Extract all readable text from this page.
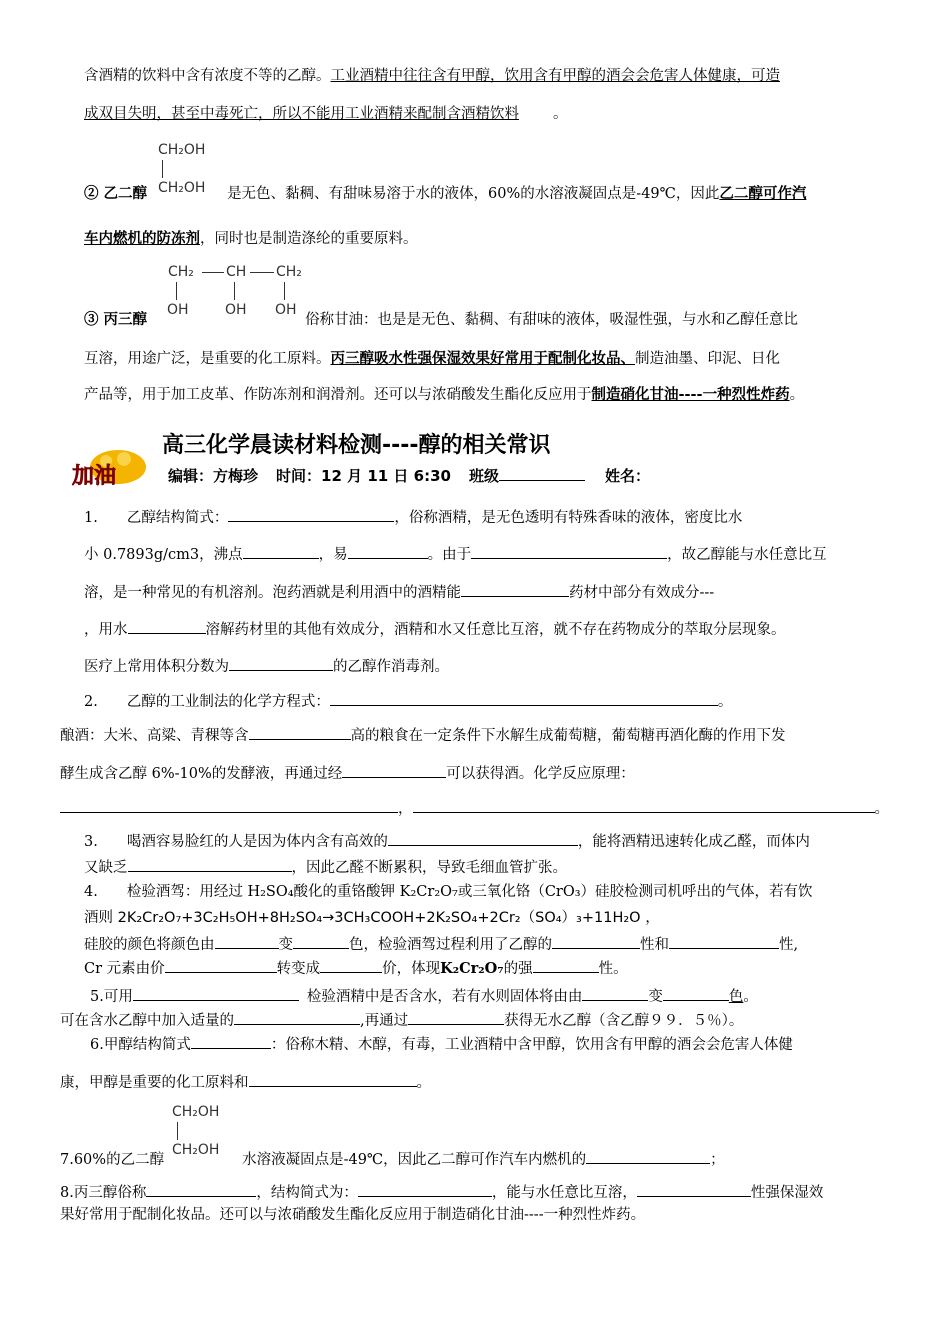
含酒精的饮料中含有浓度不等的乙醇。工业酒精中往往含有甲醇，饮用含有甲醇的酒会会危害人体健康，可造
成双目失明，甚至中毒死亡，所以不能用工业酒精来配制含酒精饮料 。
CH₂OH
CH₂OH
② 乙二醇	是无色、黏稠、有甜味易溶于水的液体，60%的水溶液凝固点是-49℃，因此乙二醇可作汽
车内燃机的防冻剂，同时也是制造涤纶的重要原料。
CH₂ CH CH₂
OH	OH OH
③ 丙三醇	俗称甘油：也是是无色、黏稠、有甜味的液体，吸湿性强，与水和乙醇任意比
互溶，用途广泛，是重要的化工原料。丙三醇吸水性强保湿效果好常用于配制化妆品、制造油墨、印泥、日化
产品等，用于加工皮革、作防冻剂和润滑剂。还可以与浓硝酸发生酯化反应用于制造硝化甘油----一种烈性炸药。
高三化学晨读材料检测----醇的相关常识
加油	编辑：方梅珍 时间：12 月 11 日 6:30 班级	姓名：
1.　　乙醇结构简式：	，俗称酒精，是无色透明有特殊香味的液体，密度比水
小 0.7893g/cm3，沸点	，易	。由于	，故乙醇能与水任意比互
溶，是一种常见的有机溶剂。泡药酒就是利用酒中的酒精能	药材中部分有效成分---
，用水	溶解药材里的其他有效成分，酒精和水又任意比互溶，就不存在药物成分的萃取分层现象。
医疗上常用体积分数为	的乙醇作消毒剂。
2.　　乙醇的工业制法的化学方程式：	。
酿酒：大米、高粱、青稞等含	高的粮食在一定条件下水解生成葡萄糖，葡萄糖再酒化酶的作用下发
酵生成含乙醇 6%-10%的发酵液，再通过经	可以获得酒。化学反应原理：
，	。
3.　　喝酒容易脸红的人是因为体内含有高效的	，能将酒精迅速转化成乙醛，而体内
又缺乏	，因此乙醛不断累积，导致毛细血管扩张。
4.　　检验酒驾：用经过 H₂SO₄酸化的重铬酸钾 K₂Cr₂O₇或三氧化铬（CrO₃）硅胶检测司机呼出的气体，若有饮
酒则 2K₂Cr₂O₇+3C₂H₅OH+8H₂SO₄→3CH₃COOH+2K₂SO₄+2Cr₂（SO₄）₃+11H₂O ，
硅胶的颜色将颜色由	变	色，检验酒驾过程利用了乙醇的	性和	性,
Cr 元素由价	转变成	价，体现K₂Cr₂O₇的强	性。
5.可用	检验酒精中是否含水，若有水则固体将由由	变	色。
可在含水乙醇中加入适量的	,再通过	获得无水乙醇（含乙醇９９．５％）。
6.甲醇结构简式	：俗称木精、木醇，有毒，工业酒精中含甲醇，饮用含有甲醇的酒会会危害人体健
康，甲醇是重要的化工原料和	。
CH₂OH
CH₂OH
7.60%的乙二醇	水溶液凝固点是-49℃，因此乙二醇可作汽车内燃机的	；
8.丙三醇俗称	，结构简式为：	，能与水任意比互溶，	性强保湿效
果好常用于配制化妆品。还可以与浓硝酸发生酯化反应用于制造硝化甘油----一种烈性炸药。
